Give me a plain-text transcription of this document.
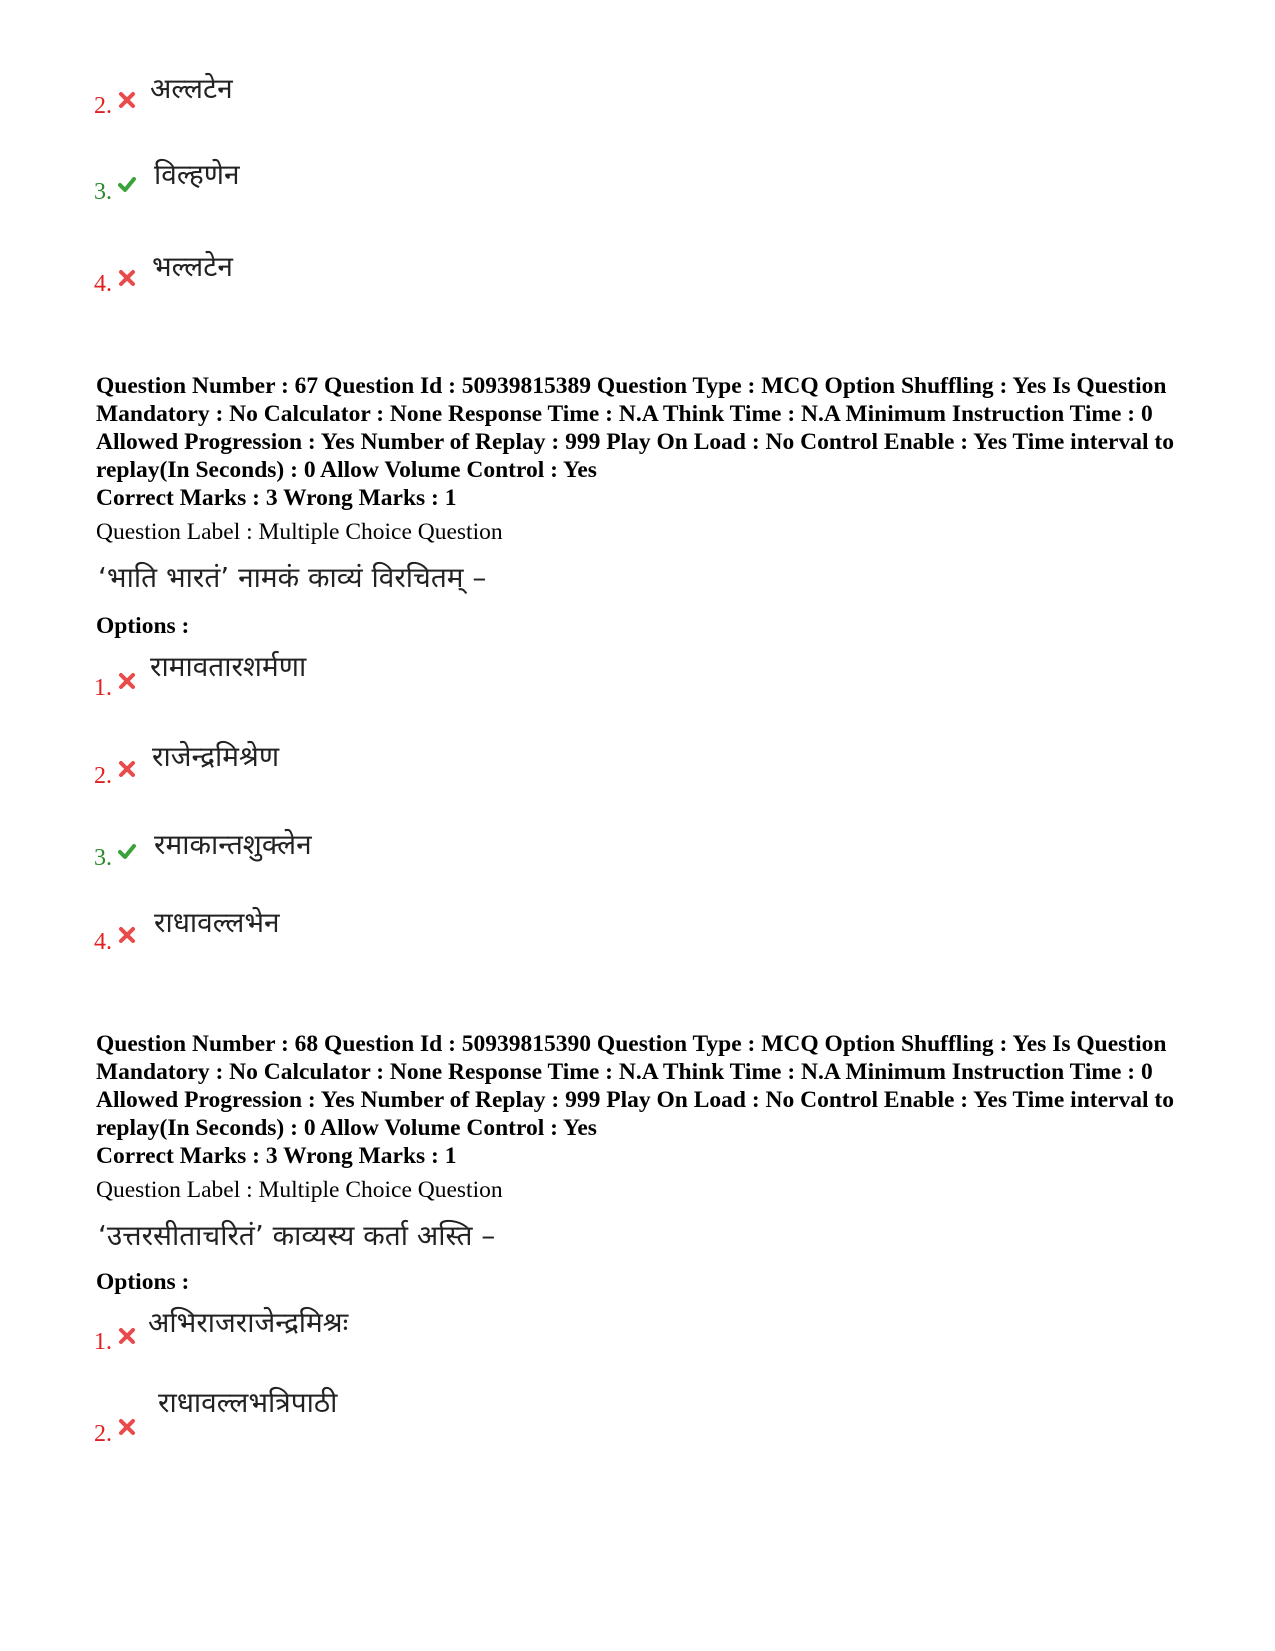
2.
अल्लटेन
3.
विल्हणेन
4.
भल्लटेन
Question Number : 67 Question Id : 50939815389 Question Type : MCQ Option Shuffling : Yes Is Question Mandatory : No Calculator : None Response Time : N.A Think Time : N.A Minimum Instruction Time : 0 Allowed Progression : Yes Number of Replay : 999 Play On Load : No Control Enable : Yes Time interval to replay(In Seconds) : 0 Allow Volume Control : Yes
Correct Marks : 3 Wrong Marks : 1
Question Label : Multiple Choice Question
‘भाति भारतं’ नामकं काव्यं विरचितम् –
Options :
1.
रामावतारशर्मणा
2.
राजेन्द्रमिश्रेण
3. रमाकान्तशुक्लेन
4.
राधावल्लभेन
Question Number : 68 Question Id : 50939815390 Question Type : MCQ Option Shuffling : Yes Is Question Mandatory : No Calculator : None Response Time : N.A Think Time : N.A Minimum Instruction Time : 0 Allowed Progression : Yes Number of Replay : 999 Play On Load : No Control Enable : Yes Time interval to replay(In Seconds) : 0 Allow Volume Control : Yes
Correct Marks : 3 Wrong Marks : 1
Question Label : Multiple Choice Question
‘उत्तरसीताचरितं’ काव्यस्य कर्ता अस्ति –
Options :
1.
अभिराजराजेन्द्रमिश्रः
2.
राधावल्लभत्रिपाठी
